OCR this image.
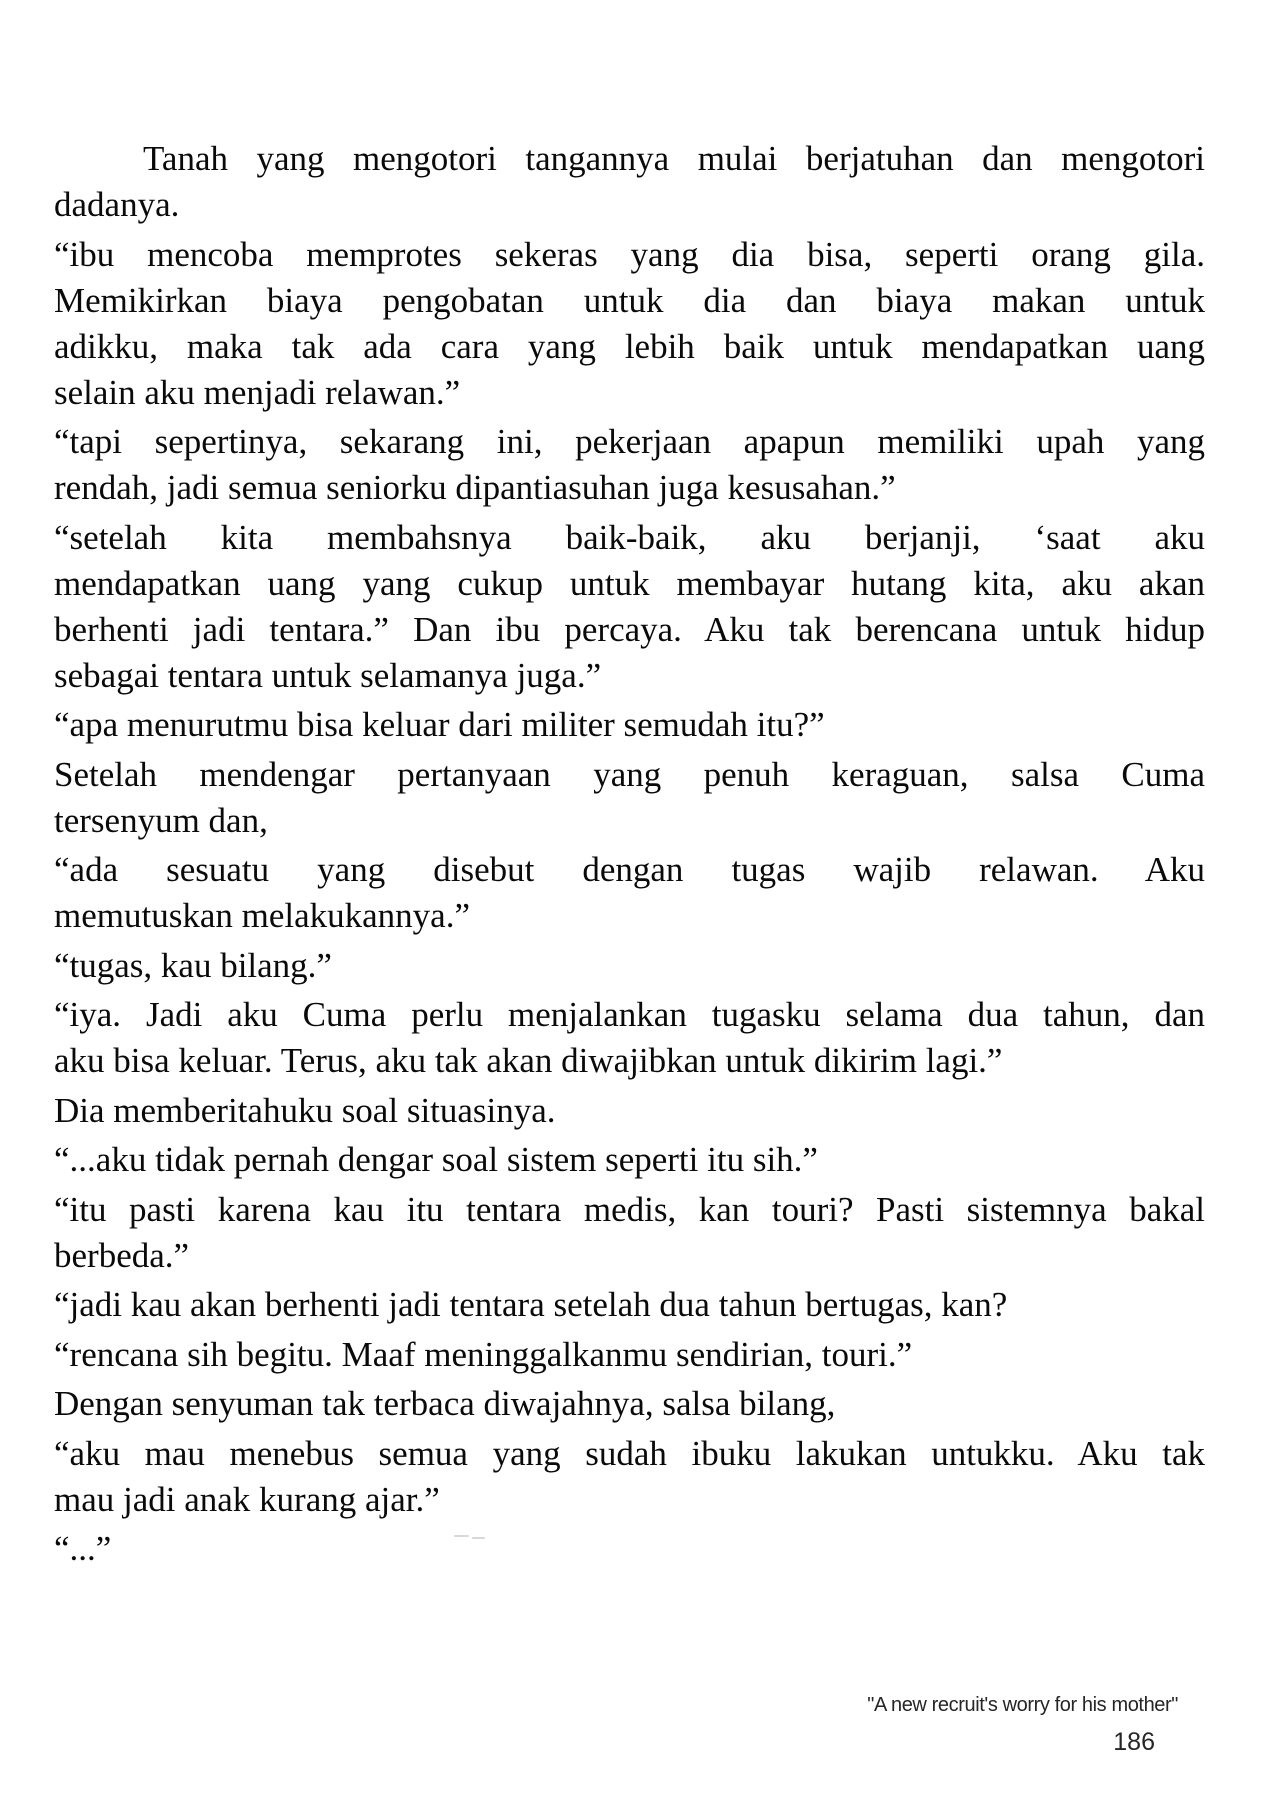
Tanah yang mengotori tangannya mulai berjatuhan dan mengotori
dadanya.
“ibu mencoba memprotes sekeras yang dia bisa, seperti orang gila.
Memikirkan biaya pengobatan untuk dia dan biaya makan untuk
adikku, maka tak ada cara yang lebih baik untuk mendapatkan uang
selain aku menjadi relawan.”
“tapi sepertinya, sekarang ini, pekerjaan apapun memiliki upah yang
rendah, jadi semua seniorku dipantiasuhan juga kesusahan.”
“setelah kita membahsnya baik-baik, aku berjanji, ‘saat aku
mendapatkan uang yang cukup untuk membayar hutang kita, aku akan
berhenti jadi tentara.” Dan ibu percaya. Aku tak berencana untuk hidup
sebagai tentara untuk selamanya juga.”
“apa menurutmu bisa keluar dari militer semudah itu?”
Setelah mendengar pertanyaan yang penuh keraguan, salsa Cuma
tersenyum dan,
“ada sesuatu yang disebut dengan tugas wajib relawan. Aku
memutuskan melakukannya.”
“tugas, kau bilang.”
“iya. Jadi aku Cuma perlu menjalankan tugasku selama dua tahun, dan
aku bisa keluar. Terus, aku tak akan diwajibkan untuk dikirim lagi.”
Dia memberitahuku soal situasinya.
“...aku tidak pernah dengar soal sistem seperti itu sih.”
“itu pasti karena kau itu tentara medis, kan touri? Pasti sistemnya bakal
berbeda.”
“jadi kau akan berhenti jadi tentara setelah dua tahun bertugas, kan?
“rencana sih begitu. Maaf meninggalkanmu sendirian, touri.”
Dengan senyuman tak terbaca diwajahnya, salsa bilang,
“aku mau menebus semua yang sudah ibuku lakukan untukku. Aku tak
mau jadi anak kurang ajar.”
“...”
"A new recruit's worry for his mother"
186
